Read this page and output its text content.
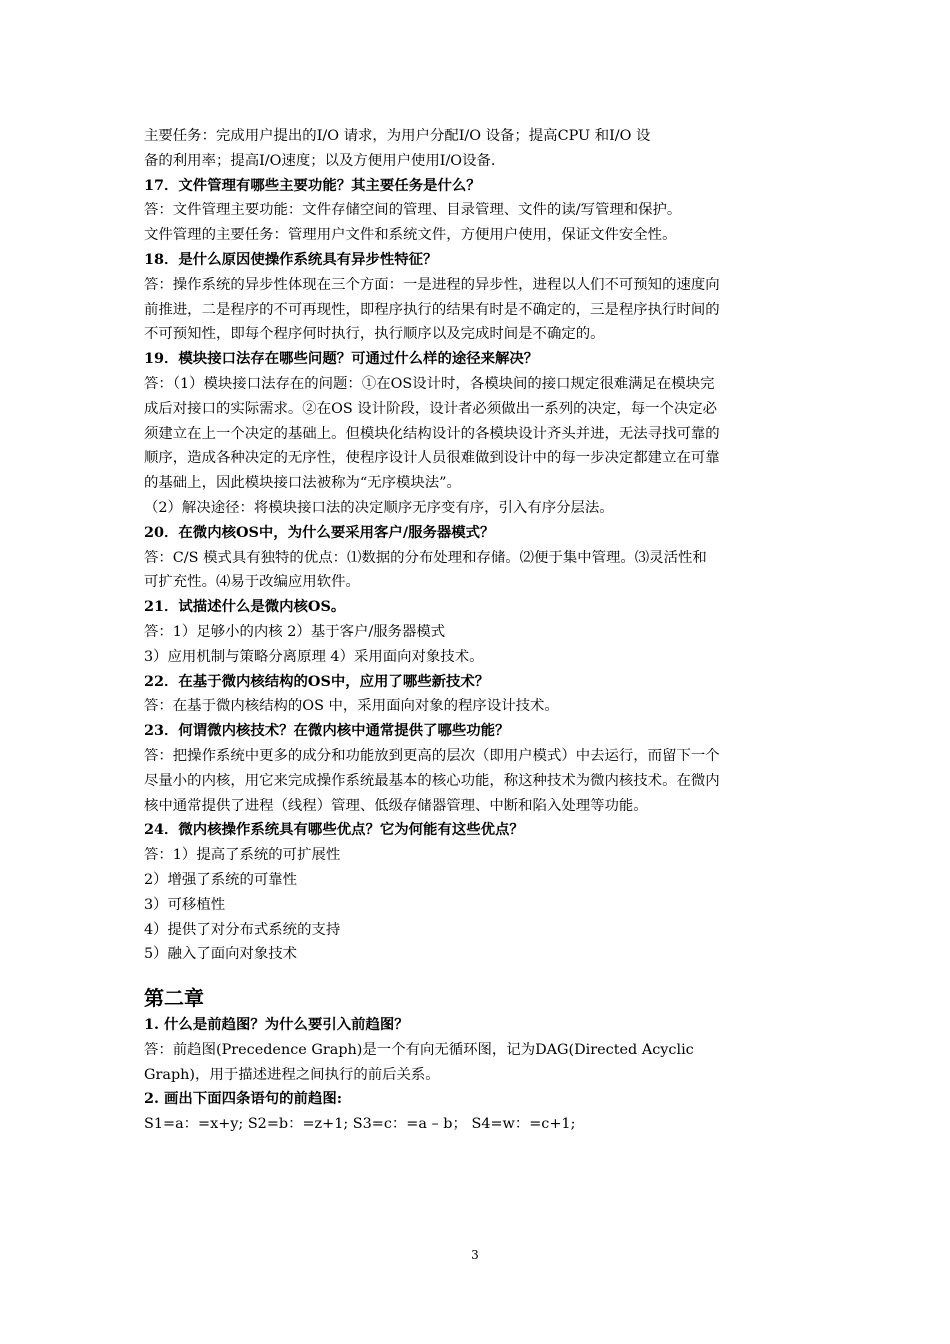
主要任务：完成用户提出的I/O 请求，为用户分配I/O 设备；提高CPU 和I/O 设
备的利用率；提高I/O速度；以及方便用户使用I/O设备.
17．文件管理有哪些主要功能？其主要任务是什么？
答：文件管理主要功能：文件存储空间的管理、目录管理、文件的读/写管理和保护。
文件管理的主要任务：管理用户文件和系统文件，方便用户使用，保证文件安全性。
18．是什么原因使操作系统具有异步性特征？
答：操作系统的异步性体现在三个方面：一是进程的异步性，进程以人们不可预知的速度向
前推进，二是程序的不可再现性，即程序执行的结果有时是不确定的，三是程序执行时间的
不可预知性，即每个程序何时执行，执行顺序以及完成时间是不确定的。
19．模块接口法存在哪些问题？可通过什么样的途径来解决？
答：（1）模块接口法存在的问题：①在OS设计时，各模块间的接口规定很难满足在模块完
成后对接口的实际需求。②在OS 设计阶段，设计者必须做出一系列的决定，每一个决定必
须建立在上一个决定的基础上。但模块化结构设计的各模块设计齐头并进，无法寻找可靠的
顺序，造成各种决定的无序性，使程序设计人员很难做到设计中的每一步决定都建立在可靠
的基础上，因此模块接口法被称为“无序模块法”。
（2）解决途径：将模块接口法的决定顺序无序变有序，引入有序分层法。
20．在微内核OS中，为什么要采用客户/服务器模式？
答：C/S 模式具有独特的优点：⑴数据的分布处理和存储。⑵便于集中管理。⑶灵活性和
可扩充性。⑷易于改编应用软件。
21．试描述什么是微内核OS。
答：1）足够小的内核 2）基于客户/服务器模式
3）应用机制与策略分离原理 4）采用面向对象技术。
22．在基于微内核结构的OS中，应用了哪些新技术？
答：在基于微内核结构的OS 中，采用面向对象的程序设计技术。
23．何谓微内核技术？在微内核中通常提供了哪些功能？
答：把操作系统中更多的成分和功能放到更高的层次（即用户模式）中去运行，而留下一个
尽量小的内核，用它来完成操作系统最基本的核心功能，称这种技术为微内核技术。在微内
核中通常提供了进程（线程）管理、低级存储器管理、中断和陷入处理等功能。
24．微内核操作系统具有哪些优点？它为何能有这些优点？
答：1）提高了系统的可扩展性
2）增强了系统的可靠性
3）可移植性
4）提供了对分布式系统的支持
5）融入了面向对象技术
第二章
1. 什么是前趋图？为什么要引入前趋图？
答：前趋图(Precedence Graph)是一个有向无循环图，记为DAG(Directed Acyclic
Graph)，用于描述进程之间执行的前后关系。
2. 画出下面四条语句的前趋图:
S1=a：=x+y; S2=b：=z+1; S3=c：=a – b； S4=w：=c+1;
3
